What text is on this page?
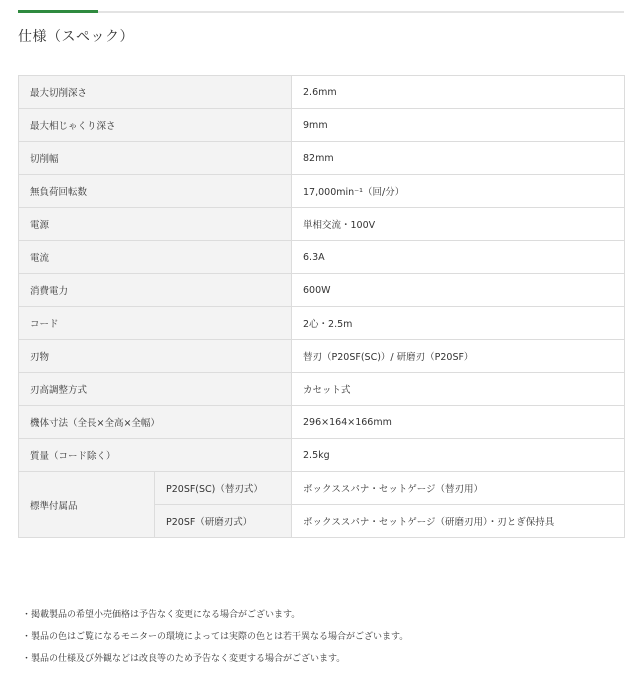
仕様（スペック）
最大切削深さ		2.6mm
最大相じゃくり深さ		9mm
切削幅		82mm
無負荷回転数		17,000min⁻¹（回/分）
電源		単相交流・100V
電流		6.3A
消費電力		600W
コード		2心・2.5m
刃物		替刃（P20SF(SC)）/ 研磨刃（P20SF）
刃高調整方式		カセット式
機体寸法（全長×全高×全幅）		296×164×166mm
質量（コード除く）		2.5kg
標準付属品	P20SF(SC)（替刃式）	ボックススパナ・セットゲージ（替刃用）
	P20SF（研磨刃式）	ボックススパナ・セットゲージ（研磨刃用）・刃とぎ保持具
・掲載製品の希望小売価格は予告なく変更になる場合がございます。
・製品の色はご覧になるモニターの環境によっては実際の色とは若干異なる場合がございます。
・製品の仕様及び外観などは改良等のため予告なく変更する場合がございます。
